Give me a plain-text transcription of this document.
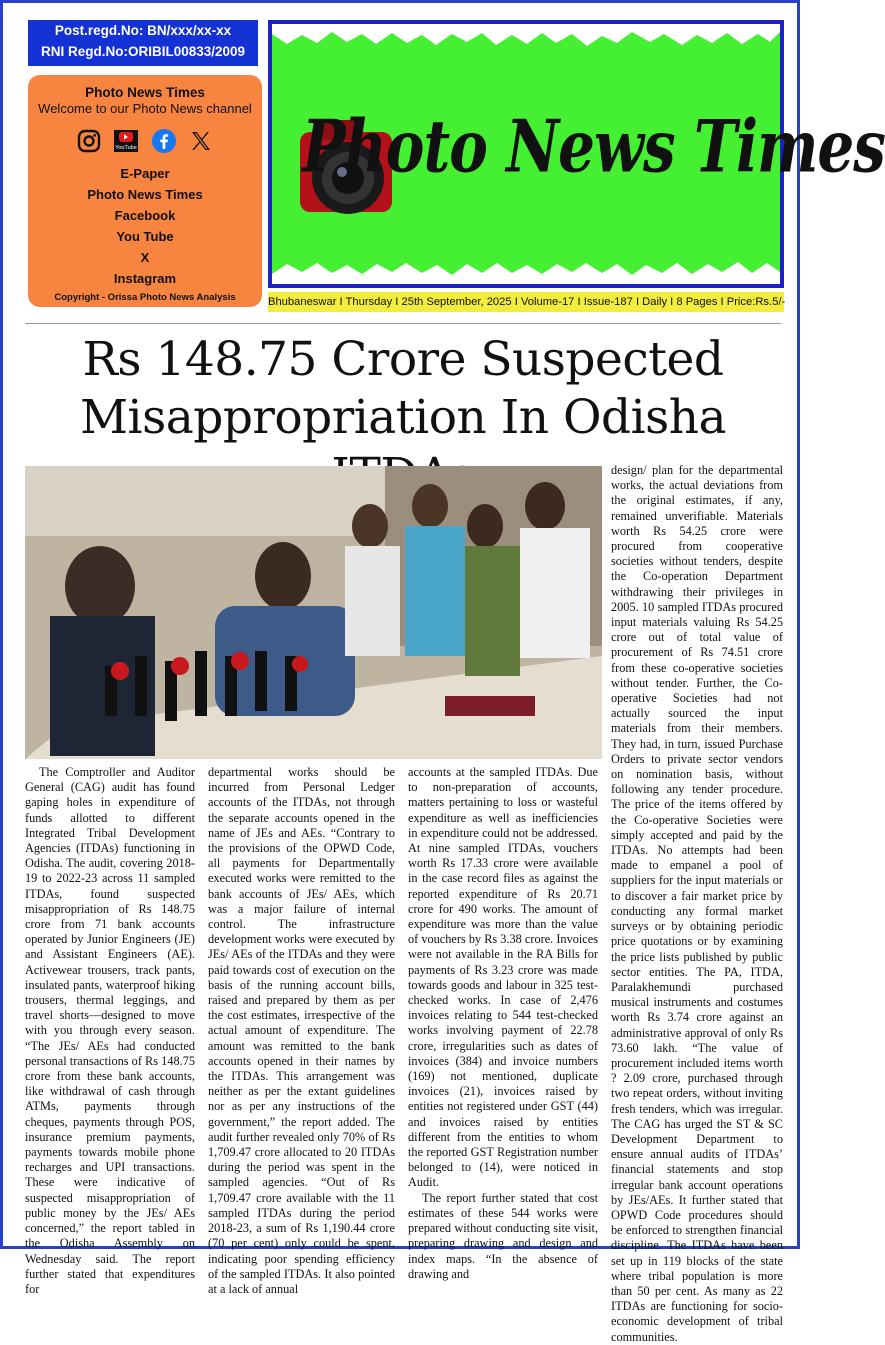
Post.regd.No: BN/xxx/xx-xx
RNI Regd.No:ORIBIL00833/2009
Photo News Times
Welcome to our Photo News channel
YouTube
E-Paper
Photo News Times
Facebook
You Tube
X
Instagram
Copyright - Orissa Photo News Analysis
Photo News Times
Bhubaneswar I Thursday I 25th September, 2025 I Volume-17 I Issue-187 I Daily I 8 Pages I Price:Rs.5/-
Rs 148.75 Crore Suspected
Misappropriation In Odisha

The Comptroller and Auditor General (CAG) audit has found gaping holes in expenditure of funds allotted to different Integrated Tribal Development Agencies (ITDAs) functioning in Odisha. The audit, covering 2018-19 to 2022-23 across 11 sampled ITDAs, found suspected misappropriation of Rs 148.75 crore from 71 bank accounts operated by Junior Engineers (JE) and Assistant Engineers (AE). Activewear trousers, track pants, insulated pants, waterproof hiking trousers, thermal leggings, and travel shorts—designed to move with you through every season. “The JEs/ AEs had conducted personal transactions of Rs 148.75 crore from these bank accounts, like withdrawal of cash through ATMs, payments through cheques, payments through POS, insurance premium payments, payments towards mobile phone recharges and UPI transactions. These were indicative of suspected misappropriation of public money by the JEs/ AEs concerned,” the report tabled in the Odisha Assembly on Wednesday said. The report further stated that expenditures for

departmental works should be incurred from Personal Ledger accounts of the ITDAs, not through the separate accounts opened in the name of JEs and AEs. “Contrary to the provisions of the OPWD Code, all payments for Departmentally executed works were remitted to the bank accounts of JEs/ AEs, which was a major failure of internal control. The infrastructure development works were executed by JEs/ AEs of the ITDAs and they were paid towards cost of execution on the basis of the running account bills, raised and prepared by them as per the cost estimates, irrespective of the actual amount of expenditure. The amount was remitted to the bank accounts opened in their names by the ITDAs. This arrangement was neither as per the extant guidelines nor as per any instructions of the government,” the report added. The audit further revealed only 70% of Rs 1,709.47 crore allocated to 20 ITDAs during the period was spent in the sampled agencies. “Out of Rs 1,709.47 crore available with the 11 sampled ITDAs during the period 2018-23, a sum of Rs 1,190.44 crore (70 per cent) only could be spent, indicating poor spending efficiency of the sampled ITDAs. It also pointed at a lack of annual

accounts at the sampled ITDAs. Due to non-preparation of accounts, matters pertaining to loss or wasteful expenditure as well as inefficiencies in expenditure could not be addressed. At nine sampled ITDAs, vouchers worth Rs 17.33 crore were available in the case record files as against the reported expenditure of Rs 20.71 crore for 490 works. The amount of expenditure was more than the value of vouchers by Rs 3.38 crore. Invoices were not available in the RA Bills for payments of Rs 3.23 crore was made towards goods and labour in 325 test-checked works. In case of 2,476 invoices relating to 544 test-checked works involving payment of 22.78 crore, irregularities such as dates of invoices (384) and invoice numbers (169) not mentioned, duplicate invoices (21), invoices raised by entities not registered under GST (44) and invoices raised by entities different from the entities to whom the reported GST Registration number belonged to (14), were noticed in Audit.

The report further stated that cost estimates of these 544 works were prepared without conducting site visit, preparing drawing and design and index maps. “In the absence of drawing and

design/ plan for the departmental works, the actual deviations from the original estimates, if any, remained unverifiable. Materials worth Rs 54.25 crore were procured from cooperative societies without tenders, despite the Co-operation Department withdrawing their privileges in 2005. 10 sampled ITDAs procured input materials valuing Rs 54.25 crore out of total value of procurement of Rs 74.51 crore from these co-operative societies without tender. Further, the Co-operative Societies had not actually sourced the input materials from their members. They had, in turn, issued Purchase Orders to private sector vendors on nomination basis, without following any tender procedure. The price of the items offered by the Co-operative Societies were simply accepted and paid by the ITDAs. No attempts had been made to empanel a pool of suppliers for the input materials or to discover a fair market price by conducting any formal market surveys or by obtaining periodic price quotations or by examining the price lists published by public sector entities. The PA, ITDA, Paralakhemundi purchased musical instruments and costumes worth Rs 3.74 crore against an administrative approval of only Rs 73.60 lakh. “The value of procurement included items worth ? 2.09 crore, purchased through two repeat orders, without inviting fresh tenders, which was irregular. The CAG has urged the ST & SC Development Department to ensure annual audits of ITDAs’ financial statements and stop irregular bank account operations by JEs/AEs. It further stated that OPWD Code procedures should be enforced to strengthen financial discipline. The ITDAs have been set up in 119 blocks of the state where tribal population is more than 50 per cent. As many as 22 ITDAs are functioning for socio-economic development of tribal communities.
